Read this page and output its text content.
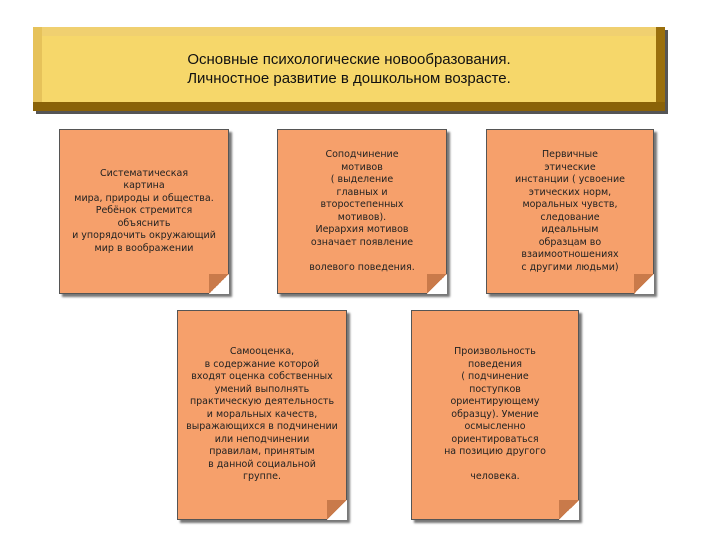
Основные психологические новообразования.
Личностное развитие в дошкольном возрасте.
Систематическая
картина
мира, природы и общества.
Ребёнок стремится
объяснить
и упорядочить окружающий
мир в воображении
Соподчинение
мотивов
( выделение
главных и
второстепенных
мотивов).
Иерархия мотивов
означает появление

волевого поведения.
Первичные
этические
инстанции ( усвоение
этических норм,
моральных чувств,
следование
идеальным
образцам во
взаимоотношениях
с другими людьми)
Самооценка,
в содержание которой
входят оценка собственных
умений выполнять
практическую деятельность
и моральных качеств,
выражающихся в подчинении
или неподчинении
правилам, принятым
в данной социальной
группе.
Произвольность
поведения
( подчинение
поступков
ориентирующему
образцу). Умение
осмысленно
ориентироваться
на позицию другого

человека.
